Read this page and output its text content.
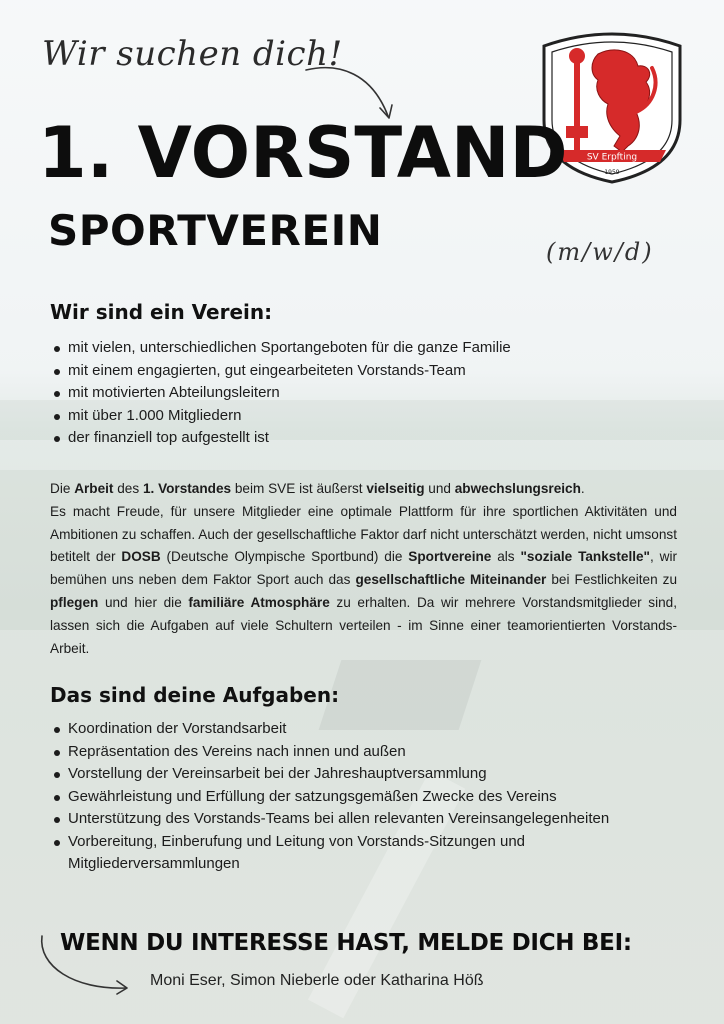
Wir suchen dich!
SV Erpfting
1959
1. VORSTAND
SPORTVEREIN	(m/w/d)
Wir sind ein Verein:
mit vielen, unterschiedlichen Sportangeboten für die ganze Familie
mit einem engagierten, gut eingearbeiteten Vorstands-Team
mit motivierten Abteilungsleitern
mit über 1.000 Mitgliedern
der finanziell top aufgestellt ist
Die Arbeit des 1. Vorstandes beim SVE ist äußerst vielseitig und abwechslungsreich.
Es macht Freude, für unsere Mitglieder eine optimale Plattform für ihre sportlichen Aktivitäten und Ambitionen zu schaffen. Auch der gesellschaftliche Faktor darf nicht unterschätzt werden, nicht umsonst betitelt der DOSB (Deutsche Olympische Sportbund) die Sportvereine als "soziale Tankstelle", wir bemühen uns neben dem Faktor Sport auch das gesellschaftliche Miteinander bei Festlichkeiten zu pflegen und hier die familiäre Atmosphäre zu erhalten. Da wir mehrere Vorstandsmitglieder sind, lassen sich die Aufgaben auf viele Schultern verteilen - im Sinne einer teamorientierten Vorstands-Arbeit.
Das sind deine Aufgaben:
Koordination der Vorstandsarbeit
Repräsentation des Vereins nach innen und außen
Vorstellung der Vereinsarbeit bei der Jahreshauptversammlung
Gewährleistung und Erfüllung der satzungsgemäßen Zwecke des Vereins
Unterstützung des Vorstands-Teams bei allen relevanten Vereinsangelegenheiten
Vorbereitung, Einberufung und Leitung von Vorstands-Sitzungen und Mitgliederversammlungen
WENN DU INTERESSE HAST, MELDE DICH BEI:
Moni Eser, Simon Nieberle oder Katharina Höß
